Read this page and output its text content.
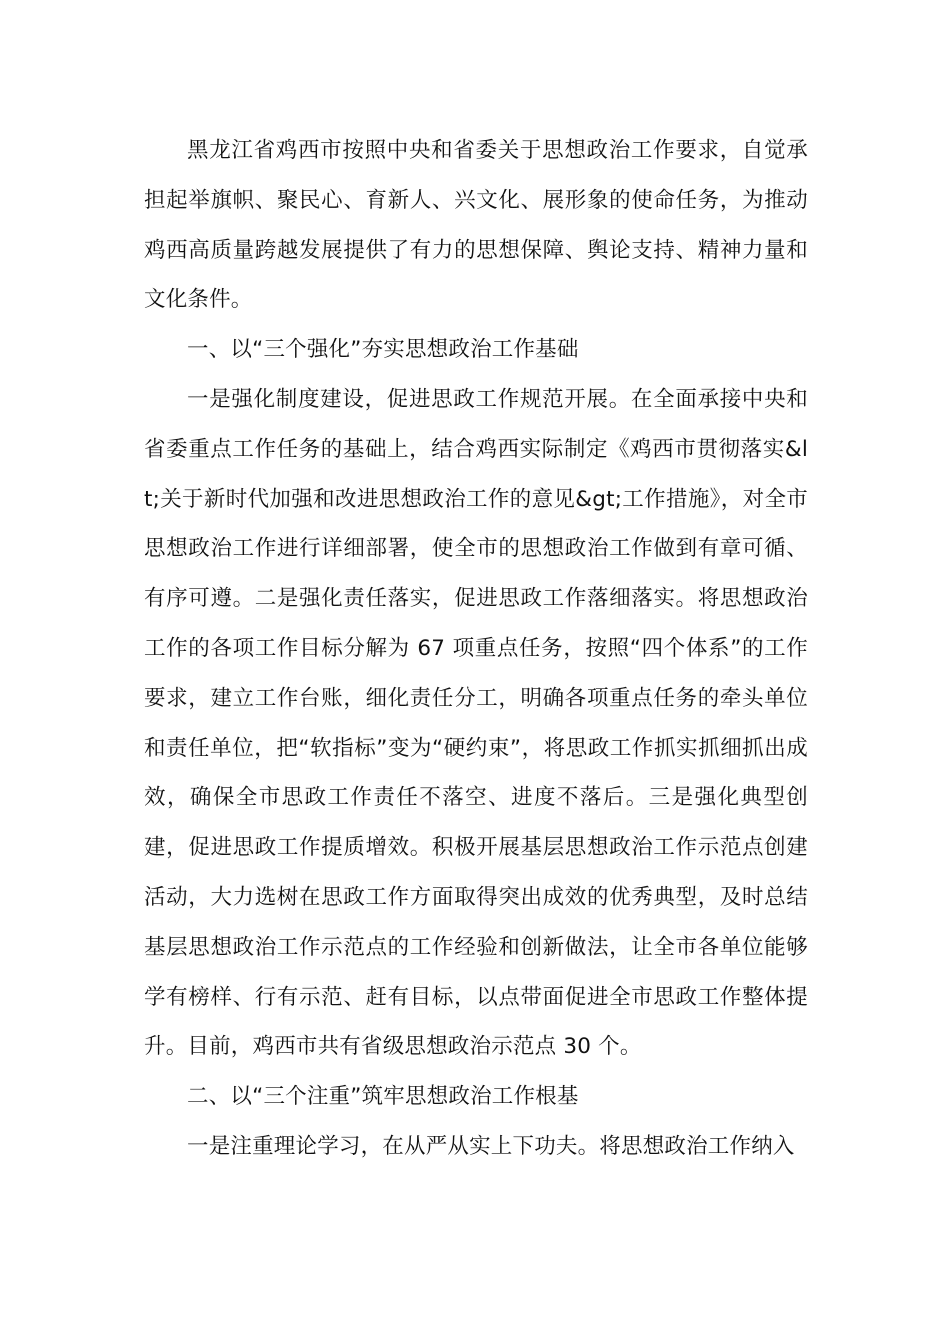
黑龙江省鸡西市按照中央和省委关于思想政治工作要求，自觉承担起举旗帜、聚民心、育新人、兴文化、展形象的使命任务，为推动鸡西高质量跨越发展提供了有力的思想保障、舆论支持、精神力量和文化条件。

一、以“三个强化”夯实思想政治工作基础

一是强化制度建设，促进思政工作规范开展。在全面承接中央和省委重点工作任务的基础上，结合鸡西实际制定《鸡西市贯彻落实&lt;关于新时代加强和改进思想政治工作的意见&gt;工作措施》，对全市思想政治工作进行详细部署，使全市的思想政治工作做到有章可循、有序可遵。二是强化责任落实，促进思政工作落细落实。将思想政治工作的各项工作目标分解为 67 项重点任务，按照“四个体系”的工作要求，建立工作台账，细化责任分工，明确各项重点任务的牵头单位和责任单位，把“软指标”变为“硬约束”，将思政工作抓实抓细抓出成效，确保全市思政工作责任不落空、进度不落后。三是强化典型创建，促进思政工作提质增效。积极开展基层思想政治工作示范点创建活动，大力选树在思政工作方面取得突出成效的优秀典型，及时总结基层思想政治工作示范点的工作经验和创新做法，让全市各单位能够学有榜样、行有示范、赶有目标，以点带面促进全市思政工作整体提升。目前，鸡西市共有省级思想政治示范点 30 个。

二、以“三个注重”筑牢思想政治工作根基

一是注重理论学习，在从严从实上下功夫。将思想政治工作纳入
